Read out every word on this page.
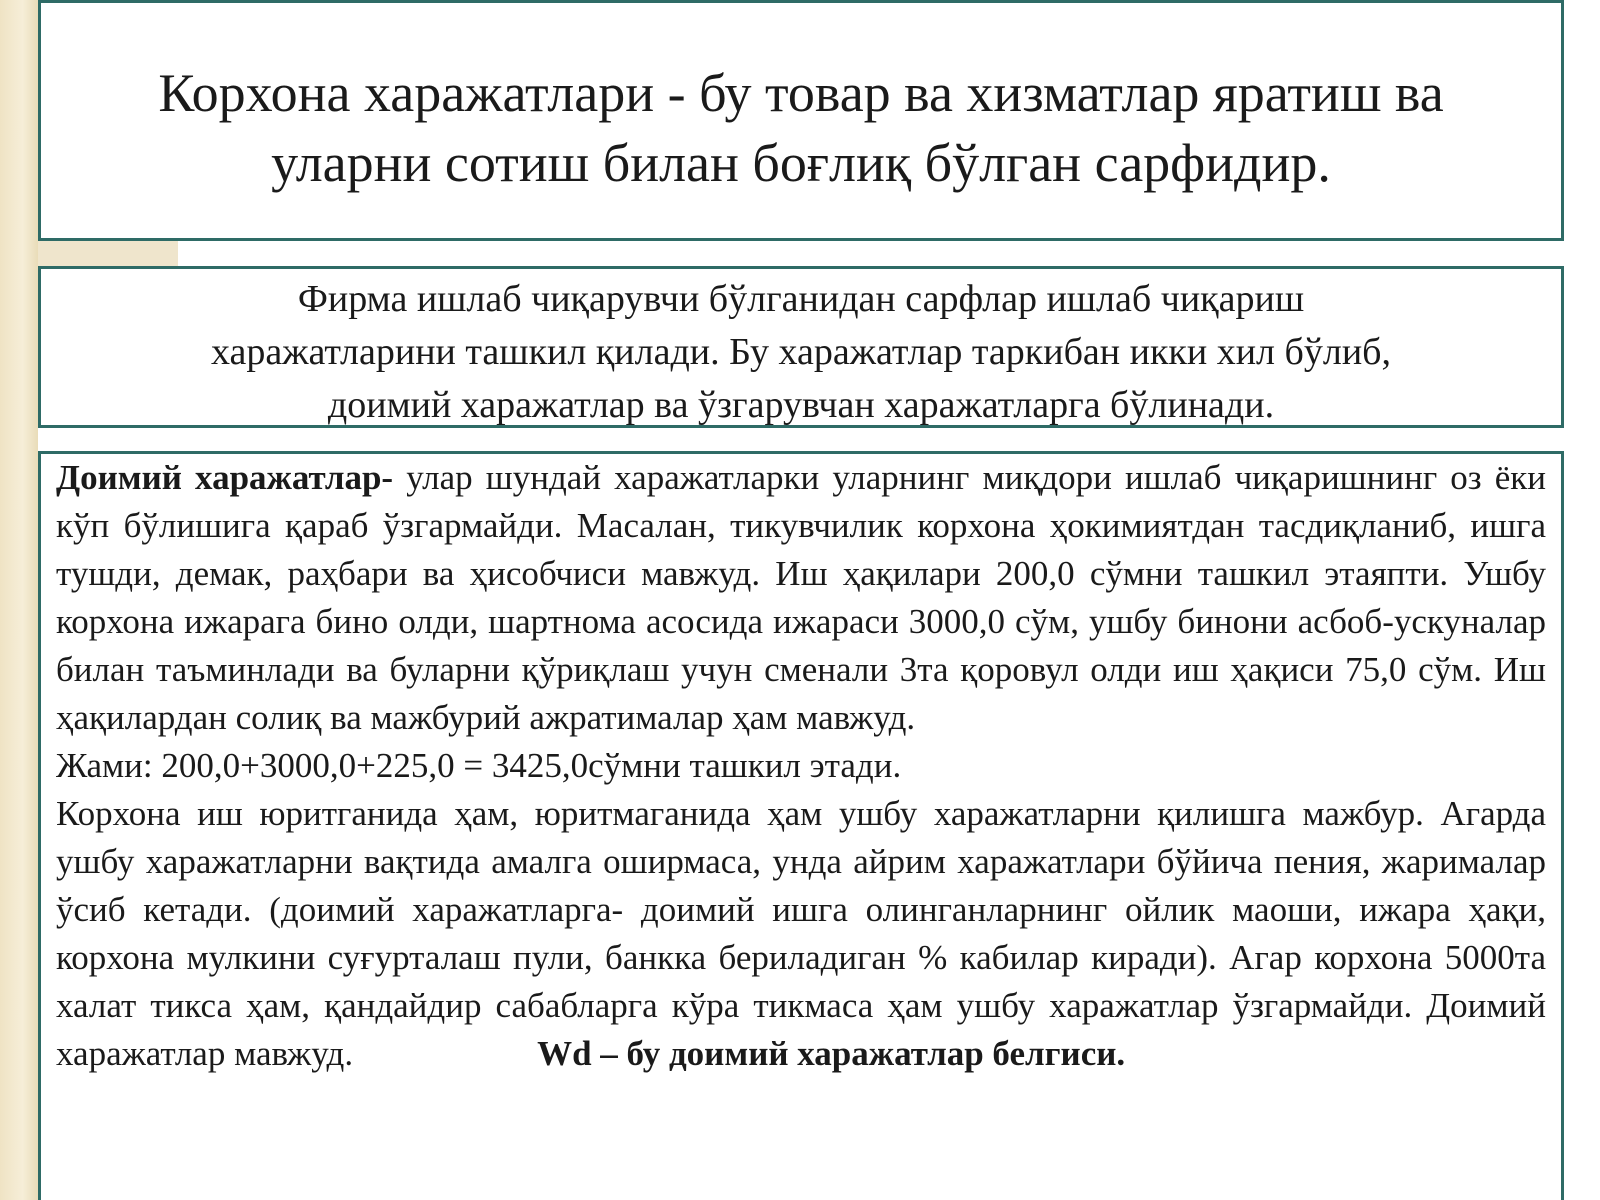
Корхона харажатлари - бу товар ва хизматлар яратиш ва
уларни сотиш билан боғлиқ бўлган сарфидир.
Фирма ишлаб чиқарувчи бўлганидан сарфлар ишлаб чиқариш
харажатларини ташкил қилади. Бу харажатлар таркибан икки хил бўлиб,
доимий харажатлар ва ўзгарувчан харажатларга бўлинади.

Доимий харажатлар- улар шундай харажатларки уларнинг миқдори ишлаб чиқаришнинг оз ёки кўп бўлишига қараб ўзгармайди. Масалан, тикувчилик корхона ҳокимиятдан тасдиқланиб, ишга тушди, демак, раҳбари ва ҳисобчиси мавжуд. Иш ҳақилари 200,0 сўмни ташкил этаяпти. Ушбу корхона ижарага бино олди, шартнома асосида ижараси 3000,0 сўм, ушбу бинони асбоб-ускуналар билан таъминлади ва буларни қўриқлаш учун сменали 3та қоровул олди иш ҳақиси 75,0 сўм. Иш ҳақилардан солиқ ва мажбурий ажратималар ҳам мавжуд.

Жами: 200,0+3000,0+225,0 = 3425,0сўмни ташкил этади.

Корхона иш юритганида ҳам, юритмаганида ҳам ушбу харажатларни қилишга мажбур. Агарда ушбу харажатларни вақтида амалга оширмаса, унда айрим харажатлари бўйича пения, жарималар ўсиб кетади. (доимий харажатларга- доимий ишга олинганларнинг ойлик маоши, ижара ҳақи, корхона мулкини суғурталаш пули, банкка бериладиган % кабилар киради). Агар корхона 5000та халат тикса ҳам, қандайдир сабабларга кўра тикмаса ҳам ушбу харажатлар ўзгармайди. Доимий харажатлар мавжуд.	Wd – бу доимий харажатлар белгиси.
